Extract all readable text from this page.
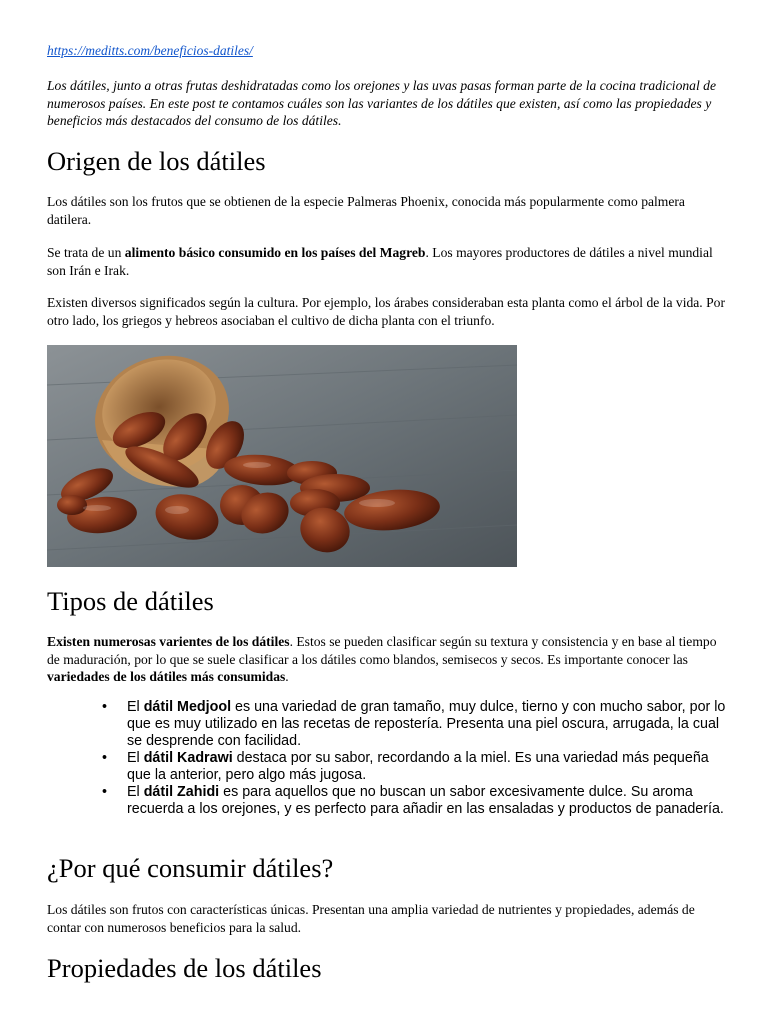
https://meditts.com/beneficios-datiles/

Los dátiles, junto a otras frutas deshidratadas como los orejones y las uvas pasas forman parte de la cocina tradicional de numerosos países. En este post te contamos cuáles son las variantes de los dátiles que existen, así como las propiedades y beneficios más destacados del consumo de los dátiles.

Origen de los dátiles

Los dátiles son los frutos que se obtienen de la especie Palmeras Phoenix, conocida más popularmente como palmera datilera.

Se trata de un alimento básico consumido en los países del Magreb. Los mayores productores de dátiles a nivel mundial son Irán e Irak.

Existen diversos significados según la cultura. Por ejemplo, los árabes consideraban esta planta como el árbol de la vida. Por otro lado, los griegos y hebreos asociaban el cultivo de dicha planta con el triunfo.

Tipos de dátiles

Existen numerosas varientes de los dátiles. Estos se pueden clasificar según su textura y consistencia y en base al tiempo de maduración, por lo que se suele clasificar a los dátiles como blandos, semisecos y secos. Es importante conocer las variedades de los dátiles más consumidas.

• El dátil Medjool es una variedad de gran tamaño, muy dulce, tierno y con mucho sabor, por lo que es muy utilizado en las recetas de repostería. Presenta una piel oscura, arrugada, la cual se desprende con facilidad.
• El dátil Kadrawi destaca por su sabor, recordando a la miel. Es una variedad más pequeña que la anterior, pero algo más jugosa.
• El dátil Zahidi es para aquellos que no buscan un sabor excesivamente dulce. Su aroma recuerda a los orejones, y es perfecto para añadir en las ensaladas y productos de panadería.
¿Por qué consumir dátiles?

Los dátiles son frutos con características únicas. Presentan una amplia variedad de nutrientes y propiedades, además de contar con numerosos beneficios para la salud.

Propiedades de los dátiles
